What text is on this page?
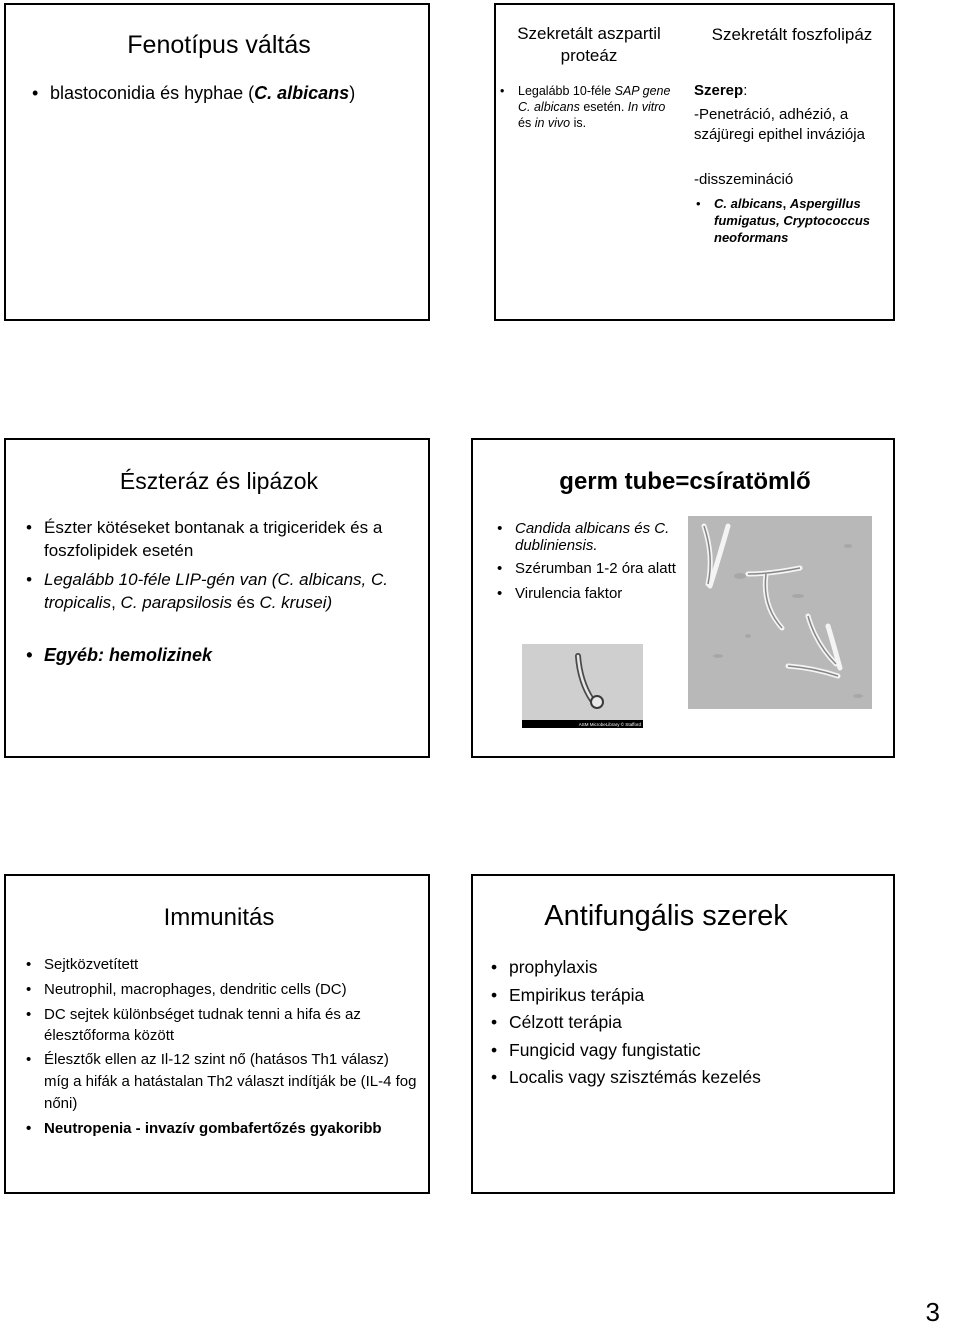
Fenotípus váltás
• blastoconidia és hyphae (C. albicans)
Szekretált aszpartil proteáz
• Legalább 10-féle SAP gene C. albicans esetén. In vitro és in vivo is.
Szekretált foszfolipáz
Szerep:
-Penetráció, adhézió, a szájüregi epithel inváziója
-disszemináció
• C. albicans, Aspergillus fumigatus, Cryptococcus neoformans
Észteráz és lipázok
• Észter kötéseket bontanak a trigiceridek és a foszfolipidek esetén
• Legalább 10-féle LIP-gén van (C. albicans, C. tropicalis, C. parapsilosis és C. krusei)
• Egyéb: hemolizinek
germ tube=csíratömlő
• Candida albicans és C. dubliniensis.
• Szérumban 1-2 óra alatt
• Virulencia faktor
ASM MicrobeLibrary © Stafford
Immunitás
• Sejtközvetített
• Neutrophil, macrophages, dendritic cells (DC)
• DC sejtek különbséget tudnak tenni a hifa és az élesztőforma között
• Élesztők ellen az Il-12 szint nő (hatásos Th1 válasz) míg a hifák a hatástalan Th2 választ indítják be (IL-4 fog nőni)
• Neutropenia - invazív gombafertőzés gyakoribb
Antifungális szerek
• prophylaxis
• Empirikus terápia
• Célzott terápia
• Fungicid vagy fungistatic
• Localis vagy szisztémás kezelés
3
